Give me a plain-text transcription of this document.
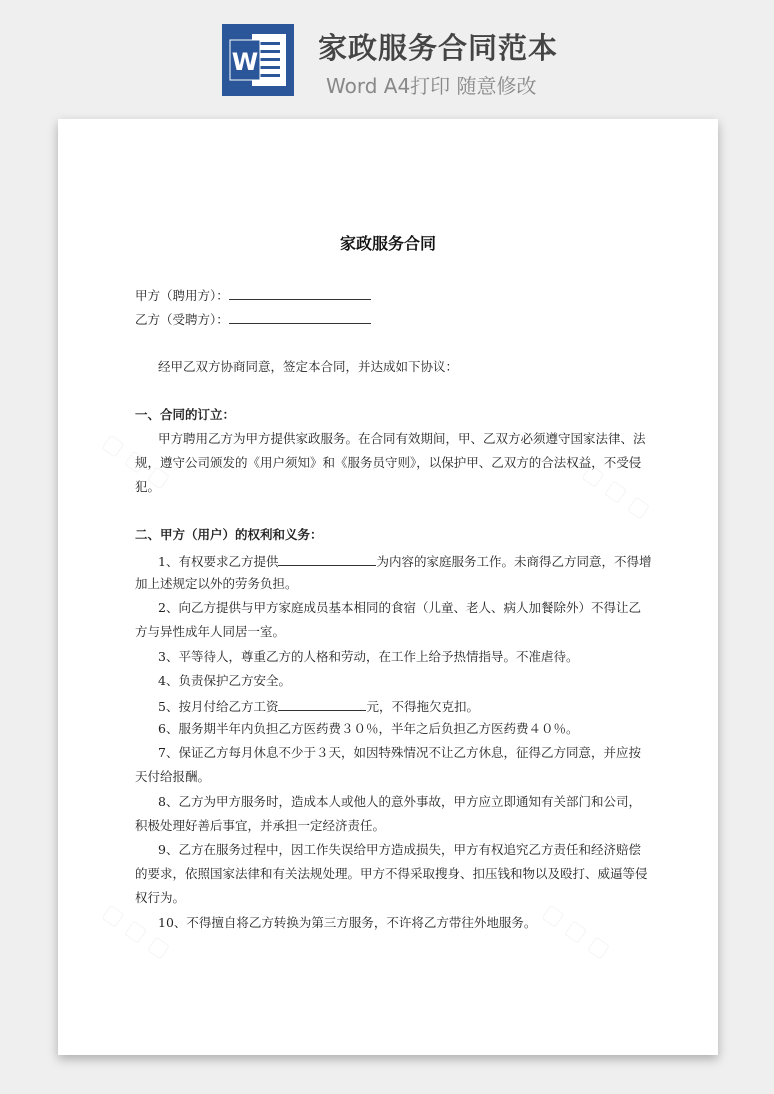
W 家政服务合同范本
Word A4打印 随意修改
家政服务合同
甲方（聘用方）：
乙方（受聘方）：
经甲乙双方协商同意，签定本合同，并达成如下协议：
一、合同的订立：
甲方聘用乙方为甲方提供家政服务。在合同有效期间，甲、乙双方必须遵守国家法律、法
规，遵守公司颁发的《用户须知》和《服务员守则》，以保护甲、乙双方的合法权益，不受侵
犯。
二、甲方（用户）的权利和义务：
1、有权要求乙方提供	为内容的家庭服务工作。未商得乙方同意，不得增
加上述规定以外的劳务负担。
2、向乙方提供与甲方家庭成员基本相同的食宿（儿童、老人、病人加餐除外）不得让乙
方与异性成年人同居一室。
3、平等待人，尊重乙方的人格和劳动，在工作上给予热情指导。不准虐待。
4、负责保护乙方安全。
5、按月付给乙方工资	元，不得拖欠克扣。
6、服务期半年内负担乙方医药费３０％，半年之后负担乙方医药费４０％。
7、保证乙方每月休息不少于３天，如因特殊情况不让乙方休息，征得乙方同意，并应按
天付给报酬。
8、乙方为甲方服务时，造成本人或他人的意外事故，甲方应立即通知有关部门和公司，
积极处理好善后事宜，并承担一定经济责任。
9、乙方在服务过程中，因工作失误给甲方造成损失，甲方有权追究乙方责任和经济赔偿
的要求，依照国家法律和有关法规处理。甲方不得采取搜身、扣压钱和物以及殴打、威逼等侵
权行为。
10、不得擅自将乙方转换为第三方服务，不许将乙方带往外地服务。
